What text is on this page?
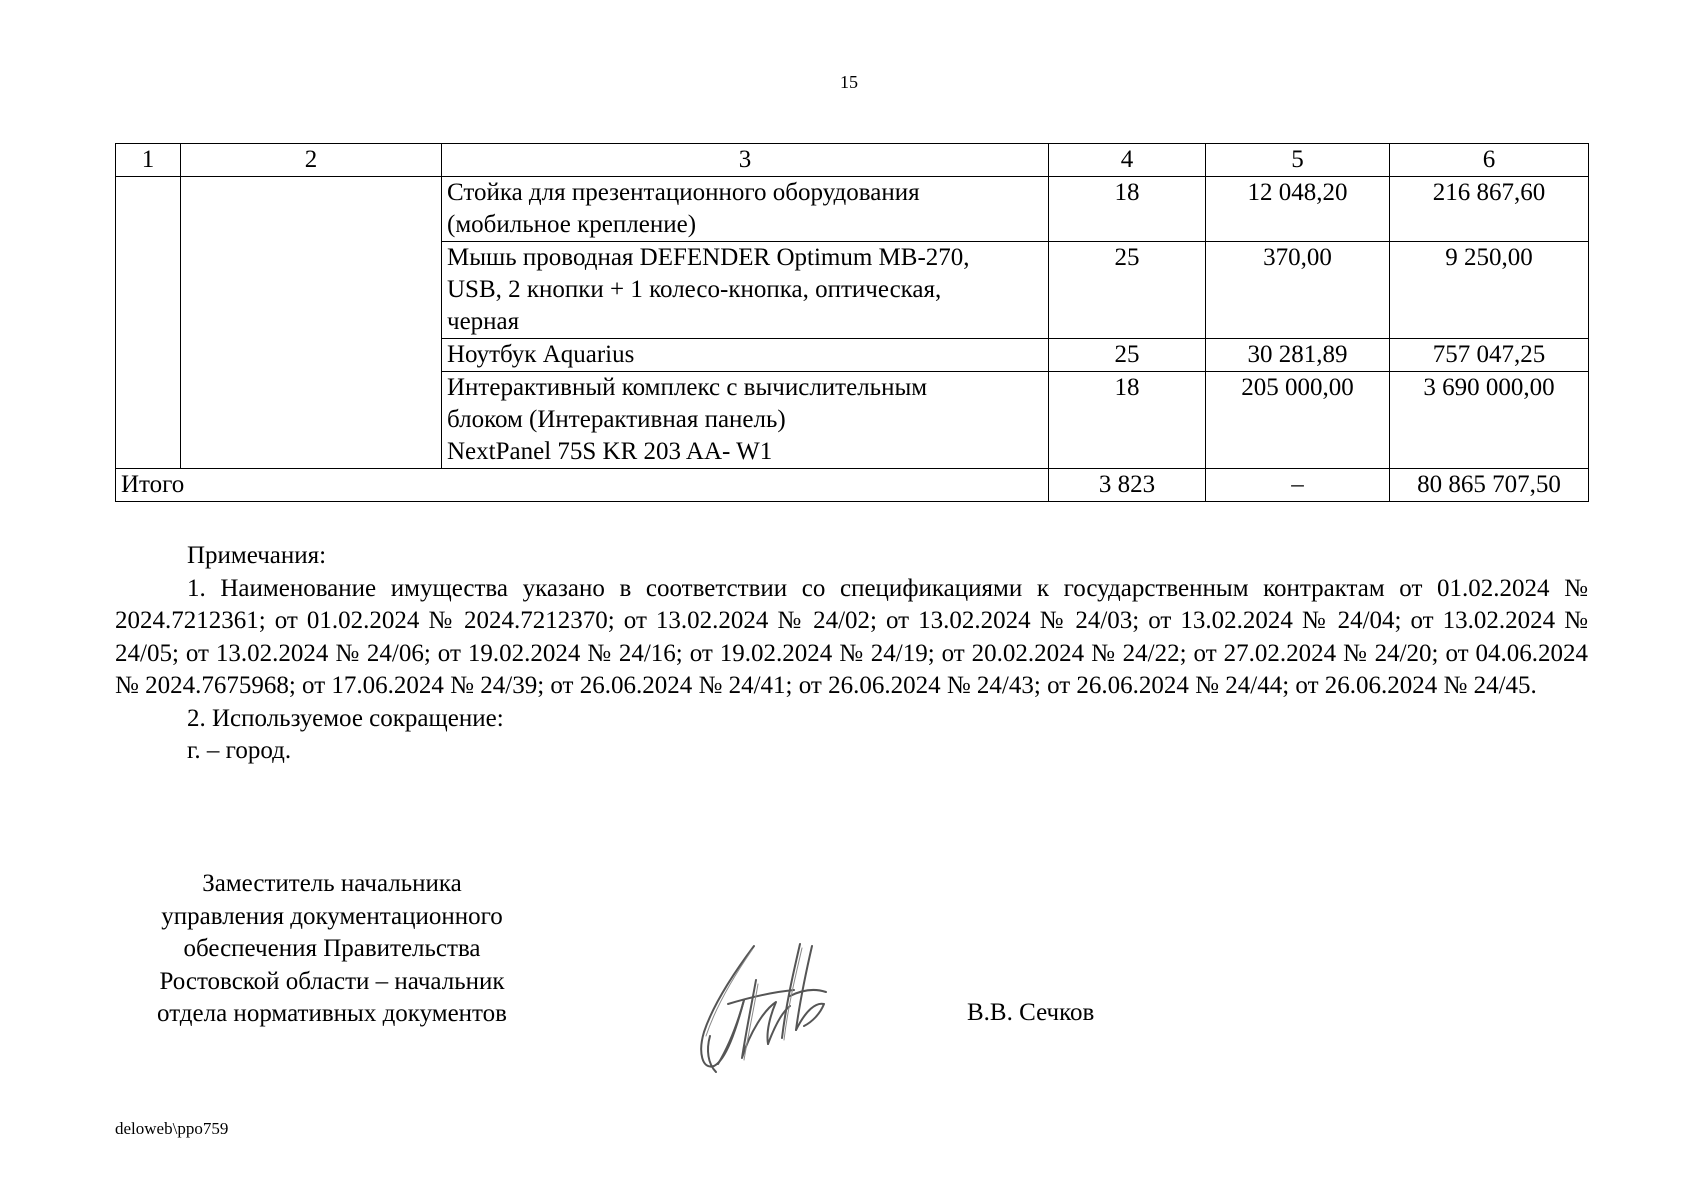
15
1	2	3	4	5	6
		Стойка для презентационного оборудования
(мобильное крепление)	18	12 048,20	216 867,60
		Мышь проводная DEFENDER Optimum MB-270,
USB, 2 кнопки + 1 колесо-кнопка, оптическая,
черная	25	370,00	9 250,00
		Ноутбук Aquarius	25	30 281,89	757 047,25
		Интерактивный комплекс с вычислительным
блоком (Интерактивная панель)
NextPanel 75S KR 203 AA- W1	18	205 000,00	3 690 000,00
Итого			3 823	–	80 865 707,50

Примечания:

1. Наименование имущества указано в соответствии со спецификациями к государственным контрактам от 01.02.2024 № 2024.7212361; от 01.02.2024 № 2024.7212370; от 13.02.2024 № 24/02; от 13.02.2024 № 24/03; от 13.02.2024 № 24/04; от 13.02.2024 № 24/05; от 13.02.2024 № 24/06; от 19.02.2024 № 24/16; от 19.02.2024 № 24/19; от 20.02.2024 № 24/22; от 27.02.2024 № 24/20; от 04.06.2024 № 2024.7675968; от 17.06.2024 № 24/39; от 26.06.2024 № 24/41; от 26.06.2024 № 24/43; от 26.06.2024 № 24/44; от 26.06.2024 № 24/45.

2. Используемое сокращение:

г. – город.

Заместитель начальника
управления документационного
обеспечения Правительства
Ростовской области – начальник
отдела нормативных документов	В.В. Сечков
deloweb\ppo759
